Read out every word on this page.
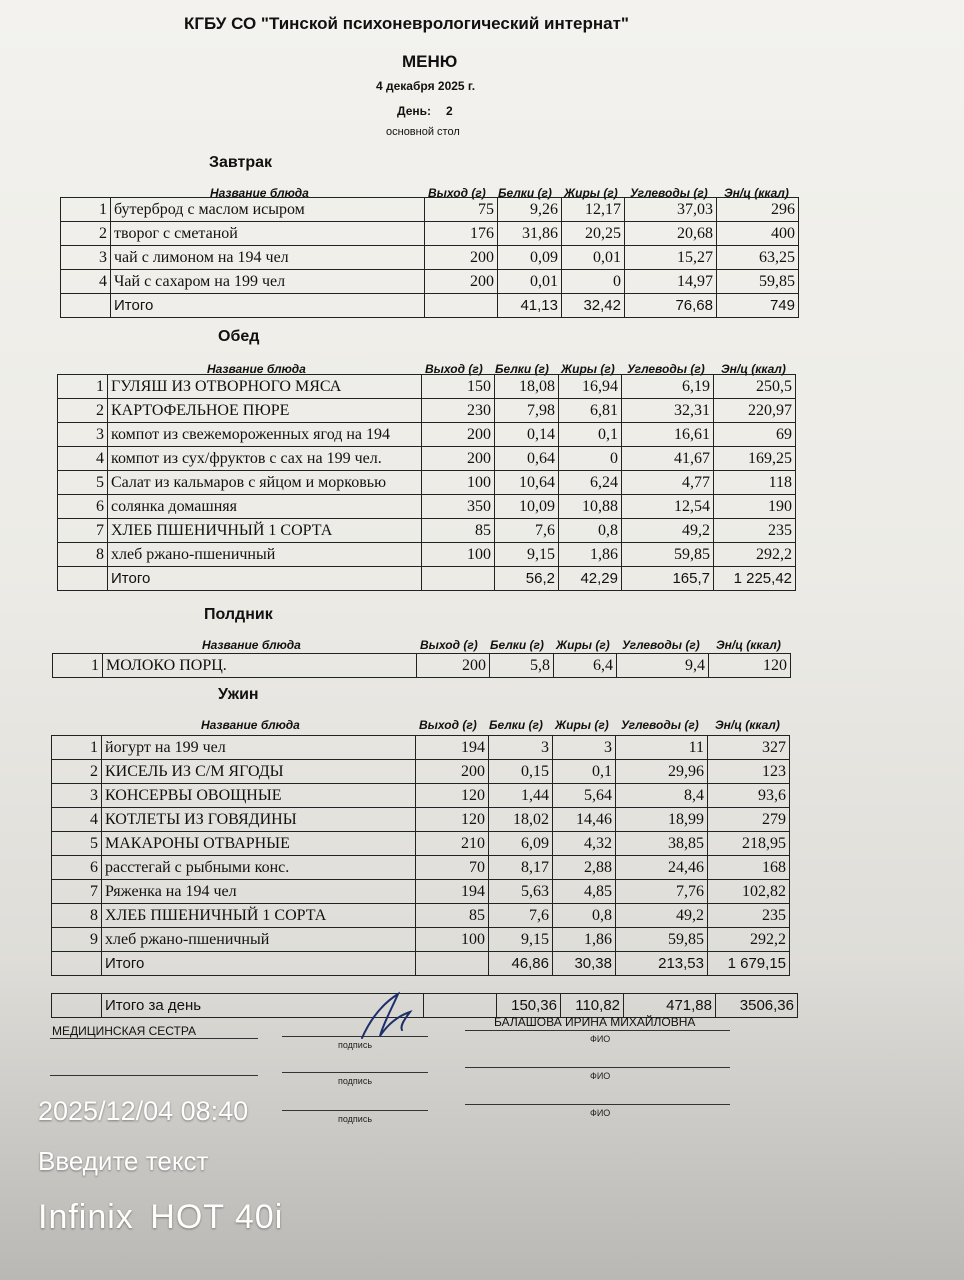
КГБУ СО "Тинской психоневрологический интернат"
МЕНЮ
4 декабря 2025 г.
День: 2
основной стол
Завтрак
Название блюда	Выход (г) Белки (г) Жиры (г) Углеводы (г) Эн/ц (ккал)
1	бутерброд с маслом исыром	75	9,26	12,17	37,03	296
2	творог с сметаной	176	31,86	20,25	20,68	400
3	чай с лимоном на 194 чел	200	0,09	0,01	15,27	63,25
4	Чай с сахаром на 199 чел	200	0,01	0	14,97	59,85
	Итого		41,13	32,42	76,68	749
Обед
Название блюда	Выход (г) Белки (г) Жиры (г) Углеводы (г) Эн/ц (ккал)
1	ГУЛЯШ ИЗ ОТВОРНОГО МЯСА	150	18,08	16,94	6,19	250,5
2	КАРТОФЕЛЬНОЕ ПЮРЕ	230	7,98	6,81	32,31	220,97
3	компот из свежемороженных ягод на 194	200	0,14	0,1	16,61	69
4	компот из сух/фруктов с сах на 199 чел.	200	0,64	0	41,67	169,25
5	Салат из кальмаров с яйцом и морковью	100	10,64	6,24	4,77	118
6	солянка домашняя	350	10,09	10,88	12,54	190
7	ХЛЕБ ПШЕНИЧНЫЙ 1 СОРТА	85	7,6	0,8	49,2	235
8	хлеб ржано-пшеничный	100	9,15	1,86	59,85	292,2
	Итого		56,2	42,29	165,7	1 225,42
Полдник
Название блюда	Выход (г) Белки (г) Жиры (г) Углеводы (г) Эн/ц (ккал)
1	МОЛОКО ПОРЦ.	200	5,8	6,4	9,4	120
Ужин
Название блюда	Выход (г) Белки (г) Жиры (г) Углеводы (г) Эн/ц (ккал)
1	йогурт на 199 чел	194	3	3	11	327
2	КИСЕЛЬ ИЗ С/М ЯГОДЫ	200	0,15	0,1	29,96	123
3	КОНСЕРВЫ ОВОЩНЫЕ	120	1,44	5,64	8,4	93,6
4	КОТЛЕТЫ ИЗ ГОВЯДИНЫ	120	18,02	14,46	18,99	279
5	МАКАРОНЫ ОТВАРНЫЕ	210	6,09	4,32	38,85	218,95
6	расстегай с рыбными конс.	70	8,17	2,88	24,46	168
7	Ряженка на 194 чел	194	5,63	4,85	7,76	102,82
8	ХЛЕБ ПШЕНИЧНЫЙ 1 СОРТА	85	7,6	0,8	49,2	235
9	хлеб ржано-пшеничный	100	9,15	1,86	59,85	292,2
	Итого		46,86	30,38	213,53	1 679,15
	Итого за день		150,36	110,82	471,88	3506,36
МЕДИЦИНСКАЯ СЕСТРА
подпись
БАЛАШОВА ИРИНА МИХАЙЛОВНА
ФИО
подпись	ФИО
подпись
ФИО
2025/12/04 08:40
Введите текст
Infinix HOT 40i
